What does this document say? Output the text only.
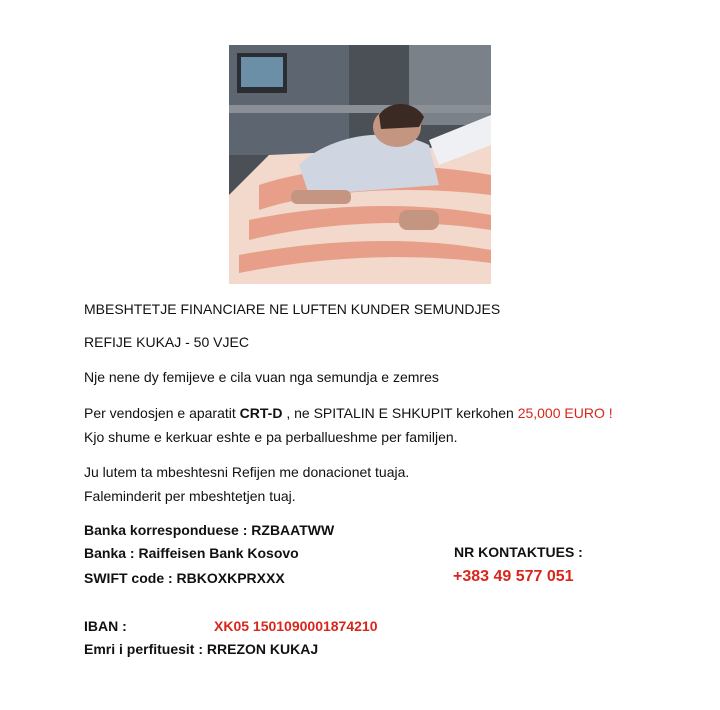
MBESHTETJE FINANCIARE NE LUFTEN KUNDER SEMUNDJES
REFIJE KUKAJ - 50 VJEC
Nje nene dy femijeve e cila vuan nga semundja e zemres
Per vendosjen e aparatit CRT-D , ne SPITALIN E SHKUPIT kerkohen 25,000 EURO !
Kjo shume e kerkuar eshte e pa perballueshme per familjen.
Ju lutem ta mbeshtesni Refijen me donacionet tuaja.
Faleminderit per mbeshtetjen tuaj.
Banka korresponduese : RZBAATWW
Banka : Raiffeisen Bank Kosovo
SWIFT code : RBKOXKPRXXX
NR KONTAKTUES :
+383 49 577 051
IBAN :	XK05 1501090001874210
Emri i perfituesit : RREZON KUKAJ
